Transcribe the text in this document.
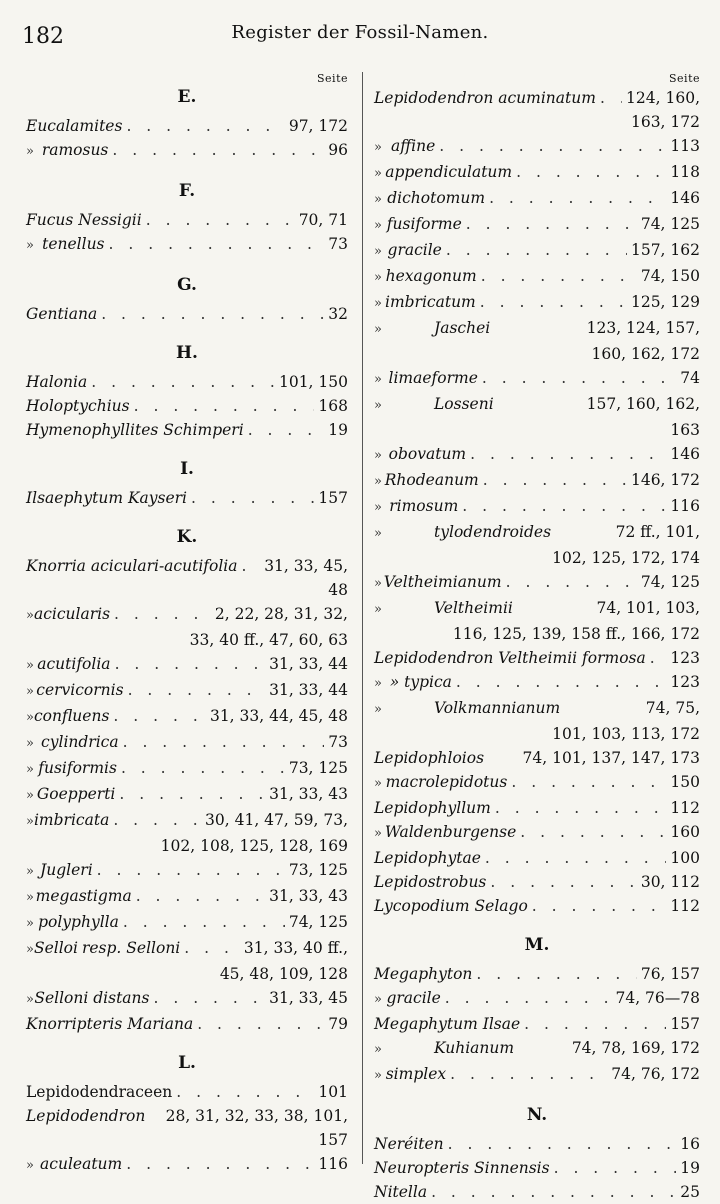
182	Register der Fossil-Namen.
Seite
E.
Eucalamites . . .	97, 172
» ramosus . . .	96
F.
Fucus Nessigii . . .	70, 71
» tenellus . . .	73
G.
Gentiana . . .	32
H.
Halonia . . .	101, 150
Holoptychius . . .	168
Hymenophyllites Schimperi . . .	19
I.
Ilsaephytum Kayseri . . .	157
K.
Knorria aciculari-acutifolia . . . 31, 33, 45,
48
» acicularis . . .	2, 22, 28, 31, 32,
33, 40 ff., 47, 60, 63
» acutifolia . . .	31, 33, 44
» cervicornis . . .	31, 33, 44
» confluens . . .	31, 33, 44, 45, 48
» cylindrica . . .	73
» fusiformis . . .	73, 125
» Goepperti . . .	31, 33, 43
» imbricata . . .	30, 41, 47, 59, 73,
102, 108, 125, 128, 169
» Jugleri . . .	73, 125
» megastigma . . .	31, 33, 43
» polyphylla . . .	74, 125
» Selloi resp. Selloni . . .	31, 33, 40 ff.,
45, 48, 109, 128
» Selloni distans . . .	31, 33, 45
Knorripteris Mariana . . .	79
L.
Lepidodendraceen . . .	101
Lepidodendron 28, 31, 32, 33, 38, 101,
157
» aculeatum . . .	116
Seite
Lepidodendron acuminatum . . . 124, 160,
163, 172
» affine . . .	113
» appendiculatum . . .	118
» dichotomum . . .	146
» fusiforme . . .	74, 125
» gracile . . .	157, 162
» hexagonum . . .	74, 150
» imbricatum . . .	125, 129
»	Jaschei	123, 124, 157,
160, 162, 172
» limaeforme . . .	74
»	Losseni	157, 160, 162,
163
» obovatum . . .	146
» Rhodeanum . . .	146, 172
» rimosum . . .	116
»	tylodendroides	72 ff., 101,
102, 125, 172, 174
» Veltheimianum . . .	74, 125
»	Veltheimii	74, 101, 103,
116, 125, 139, 158 ff., 166, 172
Lepidodendron Veltheimii formosa . . . 123
» » typica . . .	123
»	Volkmannianum	74, 75,
101, 103, 113, 172
Lepidophloios 74, 101, 137, 147, 173
» macrolepidotus . . .	150
Lepidophyllum . . .	112
» Waldenburgense . . .	160
Lepidophytae . . .	100
Lepidostrobus . . .	30, 112
Lycopodium Selago . . .	112
M.
Megaphyton . . .	76, 157
» gracile . . .	74, 76—78
Megaphytum Ilsae . . .	157
»	Kuhianum	74, 78, 169, 172
» simplex . . .	74, 76, 172
N.
Neréiten . . .	16
Neuropteris Sinnensis . . .	19
Nitella . . .	25
